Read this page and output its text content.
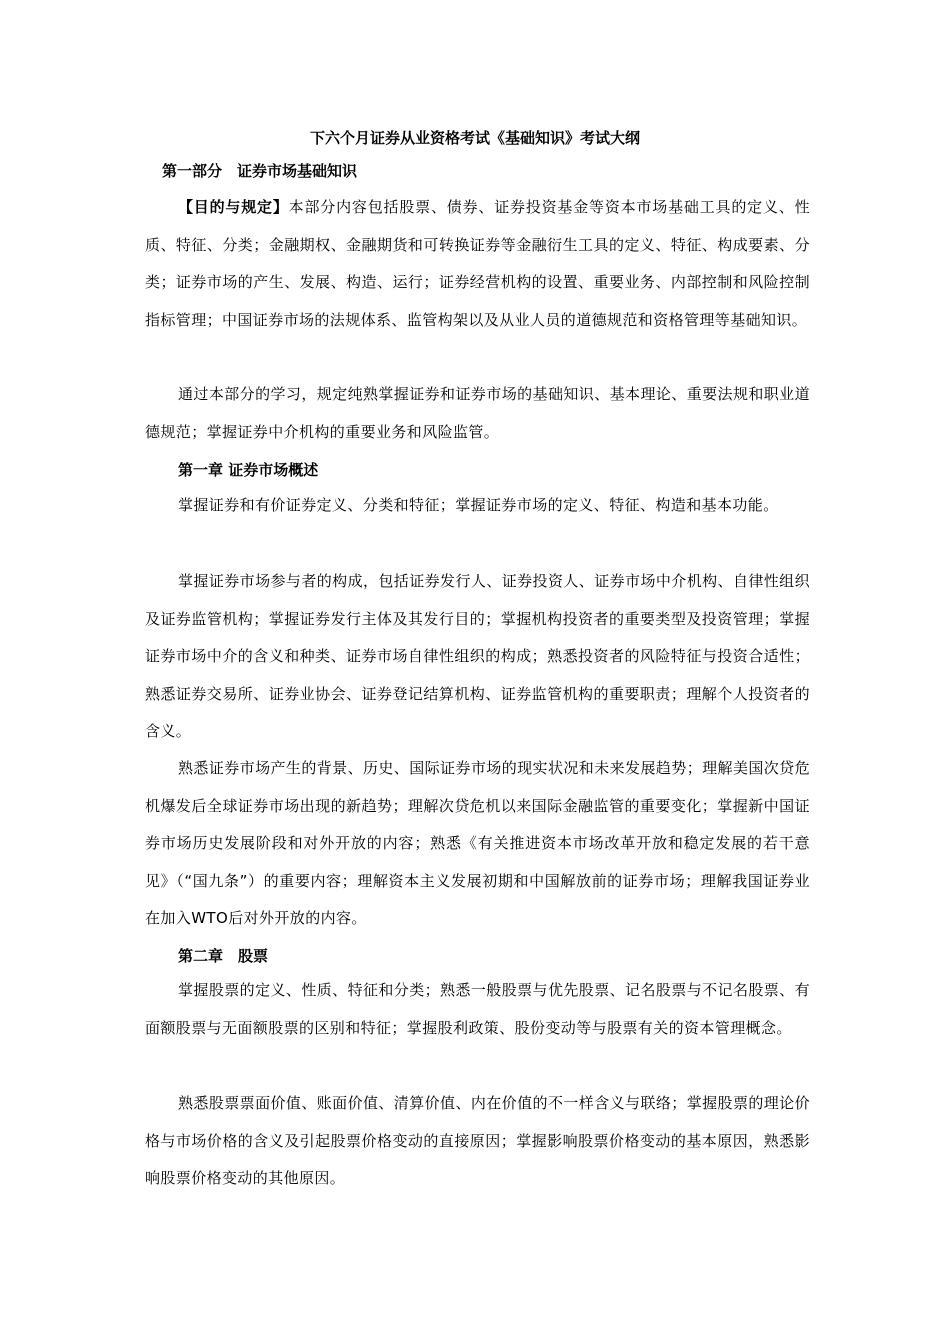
下六个月证券从业资格考试《基础知识》考试大纲
第一部分　证券市场基础知识
【目的与规定】本部分内容包括股票、债券、证券投资基金等资本市场基础工具的定义、性质、特征、分类；金融期权、金融期货和可转换证券等金融衍生工具的定义、特征、构成要素、分类；证券市场的产生、发展、构造、运行；证券经营机构的设置、重要业务、内部控制和风险控制指标管理；中国证券市场的法规体系、监管构架以及从业人员的道德规范和资格管理等基础知识。
通过本部分的学习，规定纯熟掌握证券和证券市场的基础知识、基本理论、重要法规和职业道德规范；掌握证券中介机构的重要业务和风险监管。
第一章 证券市场概述
掌握证券和有价证券定义、分类和特征；掌握证券市场的定义、特征、构造和基本功能。
掌握证券市场参与者的构成，包括证券发行人、证券投资人、证券市场中介机构、自律性组织及证券监管机构；掌握证券发行主体及其发行目的；掌握机构投资者的重要类型及投资管理；掌握证券市场中介的含义和种类、证券市场自律性组织的构成；熟悉投资者的风险特征与投资合适性；熟悉证券交易所、证券业协会、证券登记结算机构、证券监管机构的重要职责；理解个人投资者的含义。
熟悉证券市场产生的背景、历史、国际证券市场的现实状况和未来发展趋势；理解美国次贷危机爆发后全球证券市场出现的新趋势；理解次贷危机以来国际金融监管的重要变化；掌握新中国证券市场历史发展阶段和对外开放的内容；熟悉《有关推进资本市场改革开放和稳定发展的若干意见》（“国九条”）的重要内容；理解资本主义发展初期和中国解放前的证券市场；理解我国证券业在加入WTO后对外开放的内容。
第二章　股票
掌握股票的定义、性质、特征和分类；熟悉一般股票与优先股票、记名股票与不记名股票、有面额股票与无面额股票的区别和特征；掌握股利政策、股份变动等与股票有关的资本管理概念。
熟悉股票票面价值、账面价值、清算价值、内在价值的不一样含义与联络；掌握股票的理论价格与市场价格的含义及引起股票价格变动的直接原因；掌握影响股票价格变动的基本原因，熟悉影响股票价格变动的其他原因。
